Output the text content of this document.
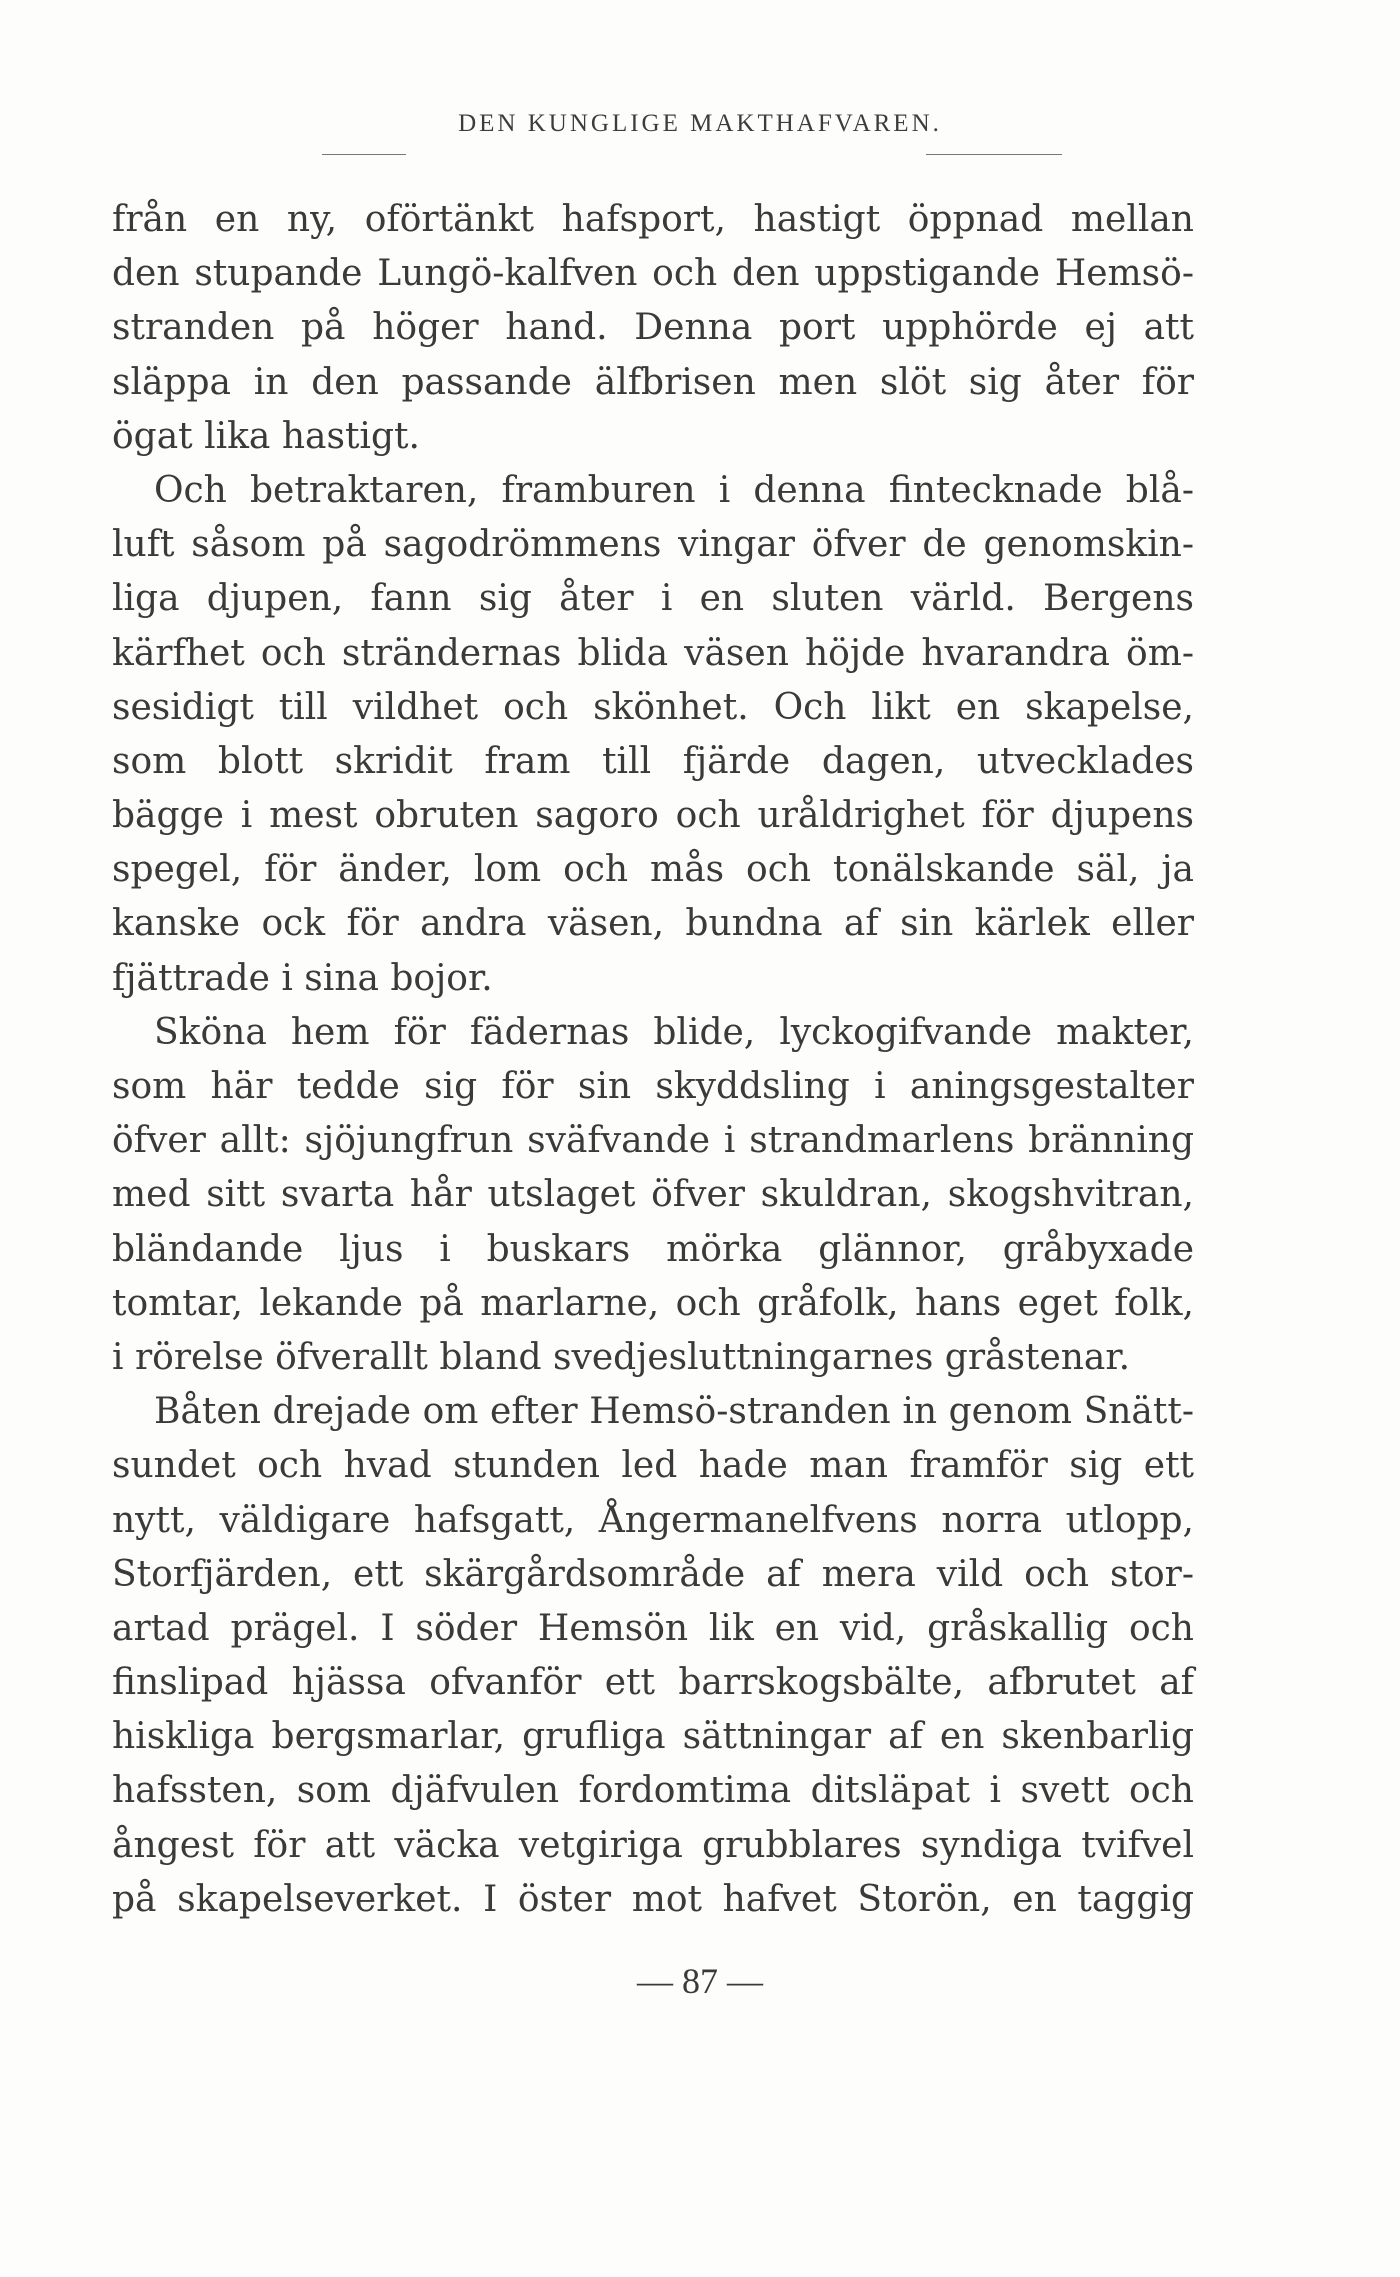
DEN KUNGLIGE MAKTHAFVAREN.
från en ny, oförtänkt hafsport, hastigt öppnad mellan
den stupande Lungö-kalfven och den uppstigande Hemsö-
stranden på höger hand. Denna port upphörde ej att
släppa in den passande älfbrisen men slöt sig åter för
ögat lika hastigt.
Och betraktaren, framburen i denna fintecknade blå-
luft såsom på sagodrömmens vingar öfver de genomskin-
liga djupen, fann sig åter i en sluten värld. Bergens
kärfhet och strändernas blida väsen höjde hvarandra öm-
sesidigt till vildhet och skönhet. Och likt en skapelse,
som blott skridit fram till fjärde dagen, utvecklades
bägge i mest obruten sagoro och uråldrighet för djupens
spegel, för änder, lom och mås och tonälskande säl, ja
kanske ock för andra väsen, bundna af sin kärlek eller
fjättrade i sina bojor.
Sköna hem för fädernas blide, lyckogifvande makter,
som här tedde sig för sin skyddsling i aningsgestalter
öfver allt: sjöjungfrun sväfvande i strandmarlens bränning
med sitt svarta hår utslaget öfver skuldran, skogshvitran,
bländande ljus i buskars mörka glännor, gråbyxade
tomtar, lekande på marlarne, och gråfolk, hans eget folk,
i rörelse öfverallt bland svedjesluttningarnes gråstenar.
Båten drejade om efter Hemsö-stranden in genom Snätt-
sundet och hvad stunden led hade man framför sig ett
nytt, väldigare hafsgatt, Ångermanelfvens norra utlopp,
Storfjärden, ett skärgårdsområde af mera vild och stor-
artad prägel. I söder Hemsön lik en vid, gråskallig och
finslipad hjässa ofvanför ett barrskogsbälte, afbrutet af
hiskliga bergsmarlar, grufliga sättningar af en skenbarlig
hafssten, som djäfvulen fordomtima ditsläpat i svett och
ångest för att väcka vetgiriga grubblares syndiga tvifvel
på skapelseverket. I öster mot hafvet Storön, en taggig
— 87 —
